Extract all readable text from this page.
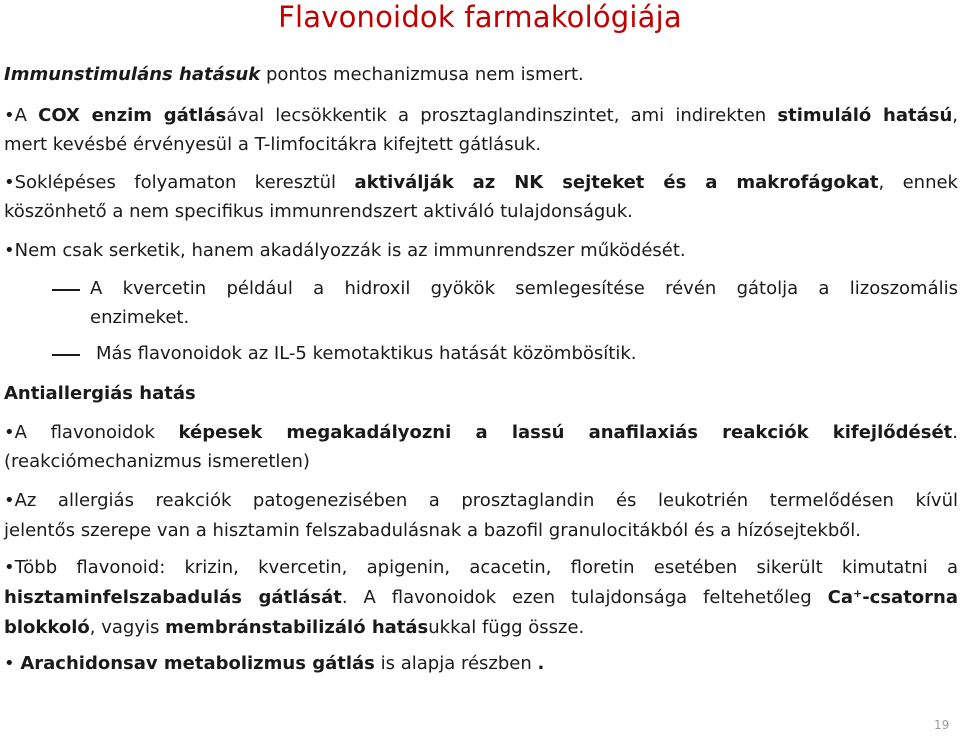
Flavonoidok farmakológiája
Immunstimuláns hatásuk pontos mechanizmusa nem ismert.
•A COX enzim gátlásával lecsökkentik a prosztaglandinszintet, ami indirekten stimuláló hatású,
mert kevésbé érvényesül a T-limfocitákra kifejtett gátlásuk.
•Soklépéses folyamaton keresztül aktiválják az NK sejteket és a makrofágokat, ennek
köszönhető a nem specifikus immunrendszert aktiváló tulajdonságuk.
•Nem csak serketik, hanem akadályozzák is az immunrendszer működését.
A kvercetin például a hidroxil gyökök semlegesítése révén gátolja a lizoszomális
enzimeket.
Más flavonoidok az IL-5 kemotaktikus hatását közömbösítik.
Antiallergiás hatás
•A flavonoidok képesek megakadályozni a lassú anafilaxiás reakciók kifejlődését.
(reakciómechanizmus ismeretlen)
•Az allergiás reakciók patogenezisében a prosztaglandin és leukotrién termelődésen kívül
jelentős szerepe van a hisztamin felszabadulásnak a bazofil granulocitákból és a hízósejtekből.
•Több flavonoid: krizin, kvercetin, apigenin, acacetin, floretin esetében sikerült kimutatni a
hisztaminfelszabadulás gátlását. A flavonoidok ezen tulajdonsága feltehetőleg Ca+-csatorna
blokkoló, vagyis membránstabilizáló hatásukkal függ össze.
• Arachidonsav metabolizmus gátlás is alapja részben .
19
